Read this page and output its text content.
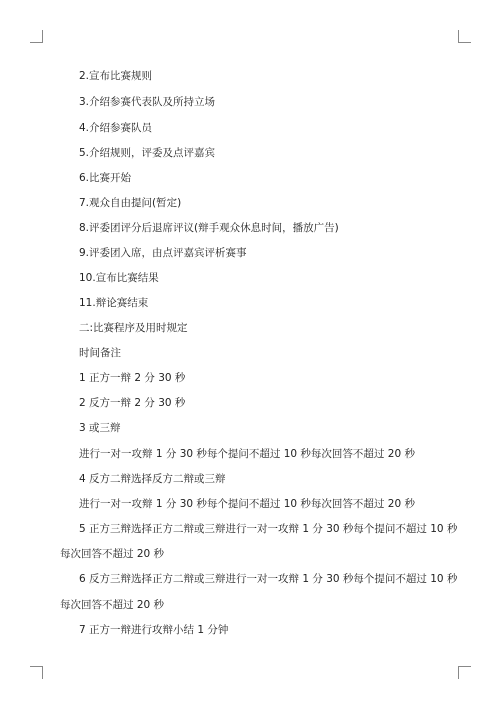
2.宣布比赛规则
3.介绍参赛代表队及所持立场
4.介绍参赛队员
5.介绍规则，评委及点评嘉宾
6.比赛开始
7.观众自由提问(暂定)
8.评委团评分后退席评议(辩手观众休息时间，播放广告)
9.评委团入席，由点评嘉宾评析赛事
10.宣布比赛结果
11.辩论赛结束
二:比赛程序及用时规定
时间备注
1 正方一辩 2 分 30 秒
2 反方一辩 2 分 30 秒
3 或三辩
进行一对一攻辩 1 分 30 秒每个提问不超过 10 秒每次回答不超过 20 秒
4 反方二辩选择反方二辩或三辩
进行一对一攻辩 1 分 30 秒每个提问不超过 10 秒每次回答不超过 20 秒
5 正方三辩选择正方二辩或三辩进行一对一攻辩 1 分 30 秒每个提问不超过 10 秒
每次回答不超过 20 秒
6 反方三辩选择正方二辩或三辩进行一对一攻辩 1 分 30 秒每个提问不超过 10 秒
每次回答不超过 20 秒
7 正方一辩进行攻辩小结 1 分钟
